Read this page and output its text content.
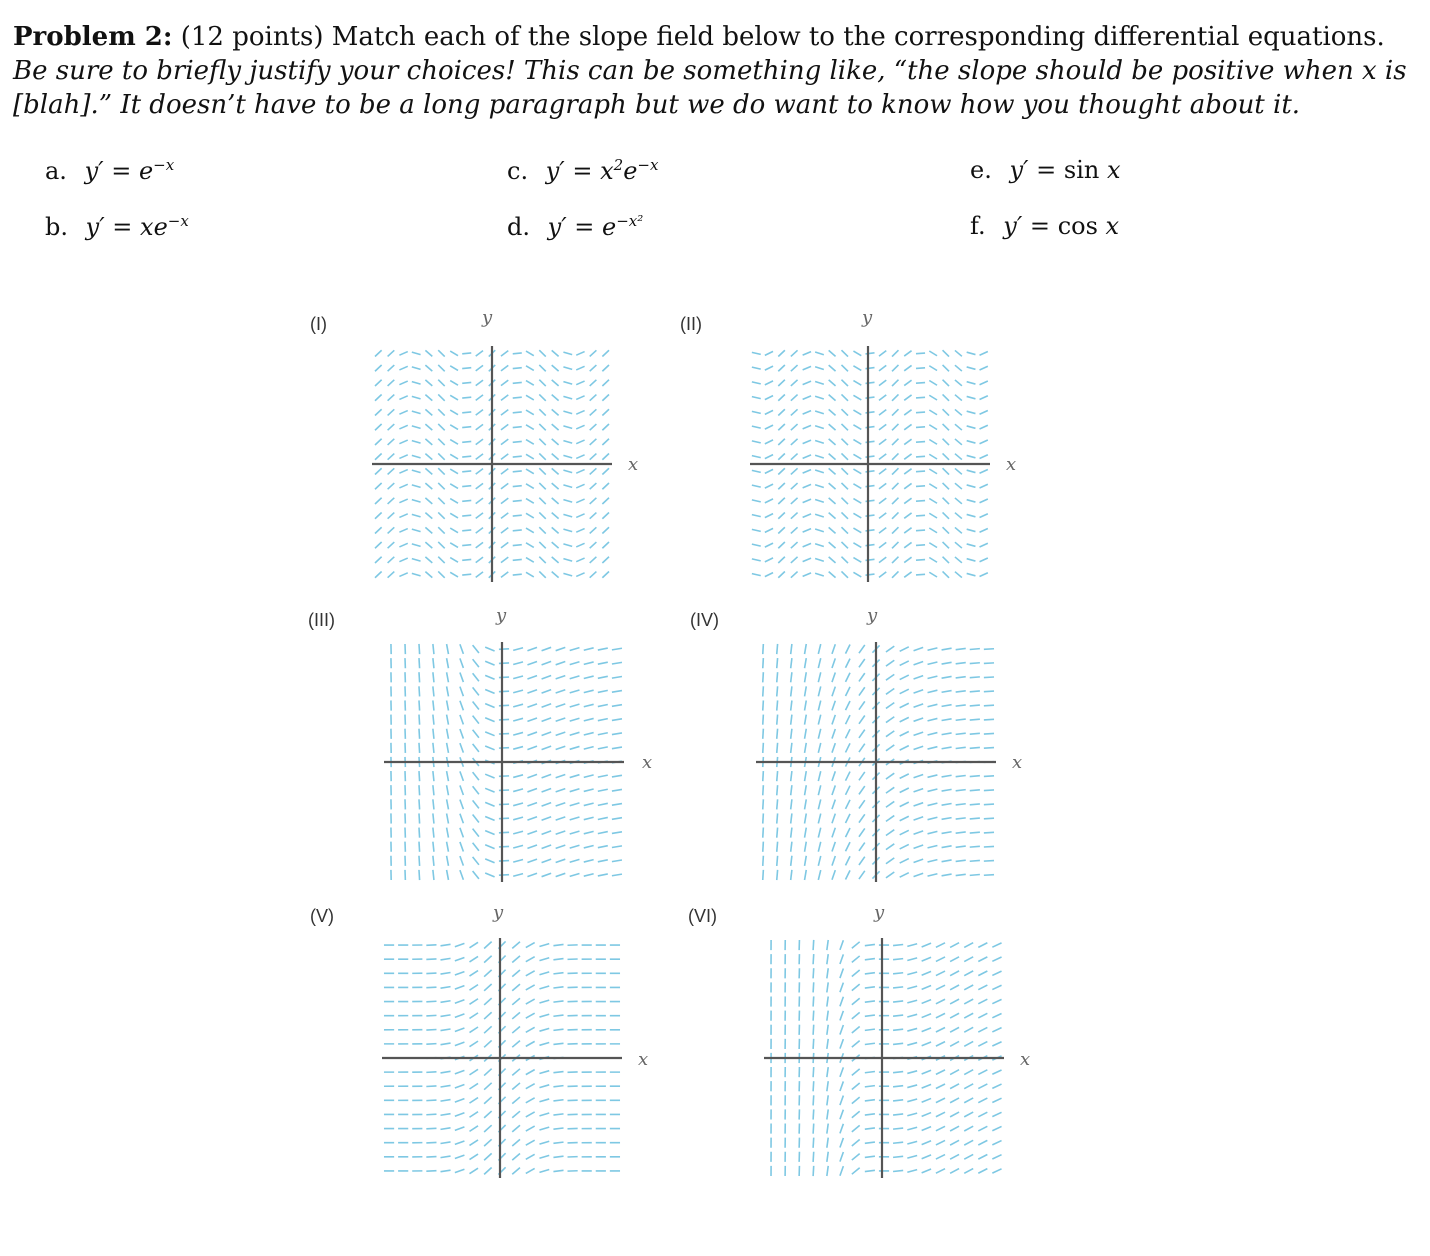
Problem 2: (12 points) Match each of the slope field below to the corresponding differential equations. Be sure to briefly justify your choices! This can be something like, “the slope should be positive when x is [blah].” It doesn’t have to be a long paragraph but we do want to know how you thought about it.
a. $y' = e^{-x}$
b. $y' = xe^{-x}$
c. $y' = x^2e^{-x}$
d. $y' = e^{-x^2}$
e. y′ = sin x
f. y′ = cos x
(I)	y
x
(II)	y
x
(III)	y
x
(IV)	y
x
(V)	y
x
(VI)	y
x
